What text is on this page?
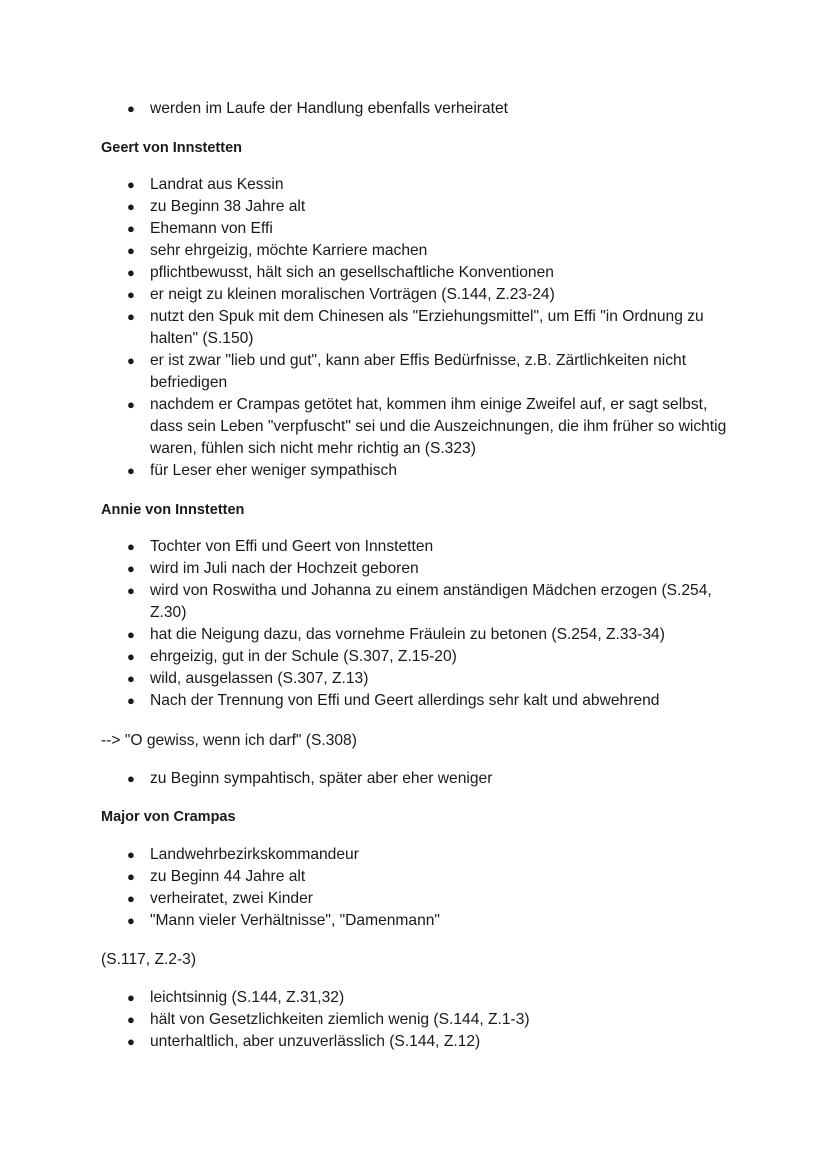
● werden im Laufe der Handlung ebenfalls verheiratet
Geert von Innstetten
● Landrat aus Kessin
● zu Beginn 38 Jahre alt
● Ehemann von Effi
● sehr ehrgeizig, möchte Karriere machen
● pflichtbewusst, hält sich an gesellschaftliche Konventionen
● er neigt zu kleinen moralischen Vorträgen (S.144, Z.23-24)
● nutzt den Spuk mit dem Chinesen als "Erziehungsmittel", um Effi "in Ordnung zu halten" (S.150)
● er ist zwar "lieb und gut", kann aber Effis Bedürfnisse, z.B. Zärtlichkeiten nicht befriedigen
● nachdem er Crampas getötet hat, kommen ihm einige Zweifel auf, er sagt selbst, dass sein Leben "verpfuscht" sei und die Auszeichnungen, die ihm früher so wichtig waren, fühlen sich nicht mehr richtig an (S.323)
● für Leser eher weniger sympathisch
Annie von Innstetten
● Tochter von Effi und Geert von Innstetten
● wird im Juli nach der Hochzeit geboren
● wird von Roswitha und Johanna zu einem anständigen Mädchen erzogen (S.254, Z.30)
● hat die Neigung dazu, das vornehme Fräulein zu betonen (S.254, Z.33-34)
● ehrgeizig, gut in der Schule (S.307, Z.15-20)
● wild, ausgelassen (S.307, Z.13)
● Nach der Trennung von Effi und Geert allerdings sehr kalt und abwehrend
--> "O gewiss, wenn ich darf" (S.308)
● zu Beginn sympahtisch, später aber eher weniger
Major von Crampas
● Landwehrbezirkskommandeur
● zu Beginn 44 Jahre alt
● verheiratet, zwei Kinder
● "Mann vieler Verhältnisse", "Damenmann"
(S.117, Z.2-3)
● leichtsinnig (S.144, Z.31,32)
● hält von Gesetzlichkeiten ziemlich wenig (S.144, Z.1-3)
● unterhaltlich, aber unzuverlässlich (S.144, Z.12)
